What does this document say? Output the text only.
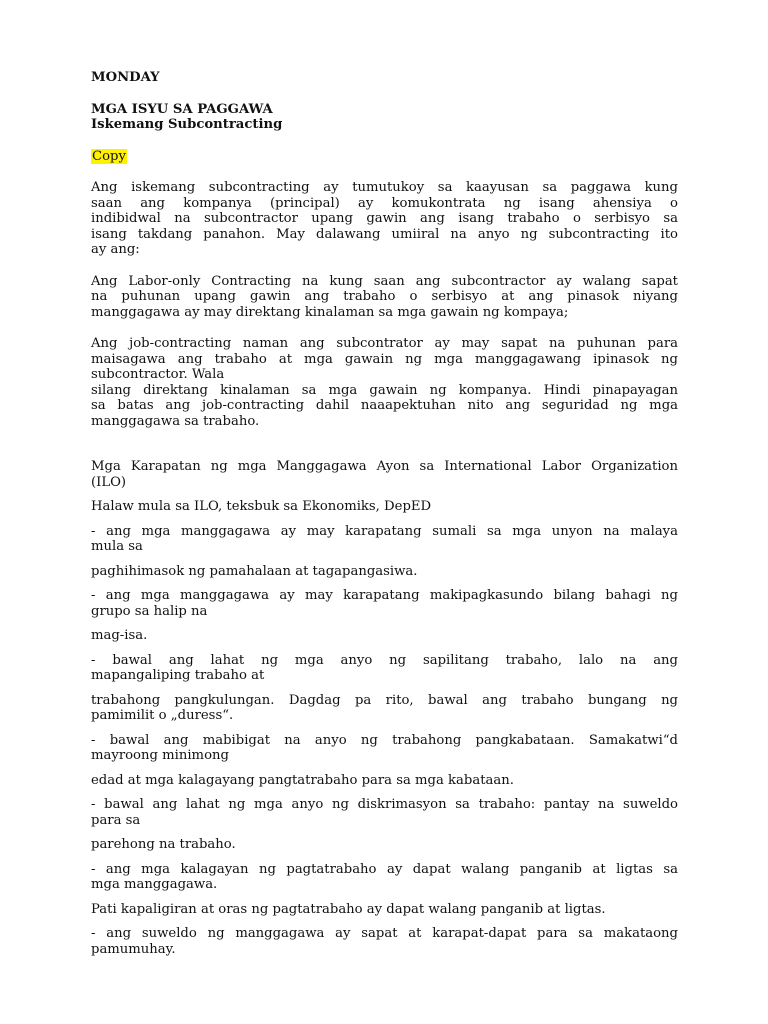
MONDAY

MGA ISYU SA PAGGAWA

Iskemang Subcontracting

Copy

Ang iskemang subcontracting ay tumutukoy sa kaayusan sa paggawa kung

saan ang kompanya (principal) ay komukontrata ng isang ahensiya o

indibidwal na subcontractor upang gawin ang isang trabaho o serbisyo sa

isang takdang panahon. May dalawang umiiral na anyo ng subcontracting ito

ay ang:

Ang Labor-only Contracting na kung saan ang subcontractor ay walang sapat

na puhunan upang gawin ang trabaho o serbisyo at ang pinasok niyang

manggagawa ay may direktang kinalaman sa mga gawain ng kompaya;

Ang job-contracting naman ang subcontrator ay may sapat na puhunan para

maisagawa ang trabaho at mga gawain ng mga manggagawang ipinasok ng

subcontractor. Wala

silang direktang kinalaman sa mga gawain ng kompanya. Hindi pinapayagan

sa batas ang job-contracting dahil naaapektuhan nito ang seguridad ng mga

manggagawa sa trabaho.

Mga Karapatan ng mga Manggagawa Ayon sa International Labor Organization

(ILO)

Halaw mula sa ILO, teksbuk sa Ekonomiks, DepED

- ang mga manggagawa ay may karapatang sumali sa mga unyon na malaya

mula sa

paghihimasok ng pamahalaan at tagapangasiwa.

- ang mga manggagawa ay may karapatang makipagkasundo bilang bahagi ng

grupo sa halip na

mag-isa.

- bawal ang lahat ng mga anyo ng sapilitang trabaho, lalo na ang

mapangaliping trabaho at

trabahong pangkulungan. Dagdag pa rito, bawal ang trabaho bungang ng

pamimilit o „duress“.

- bawal ang mabibigat na anyo ng trabahong pangkabataan. Samakatwi“d

mayroong minimong

edad at mga kalagayang pangtatrabaho para sa mga kabataan.

- bawal ang lahat ng mga anyo ng diskrimasyon sa trabaho: pantay na suweldo

para sa

parehong na trabaho.

- ang mga kalagayan ng pagtatrabaho ay dapat walang panganib at ligtas sa

mga manggagawa.

Pati kapaligiran at oras ng pagtatrabaho ay dapat walang panganib at ligtas.

- ang suweldo ng manggagawa ay sapat at karapat-dapat para sa makataong

pamumuhay.
